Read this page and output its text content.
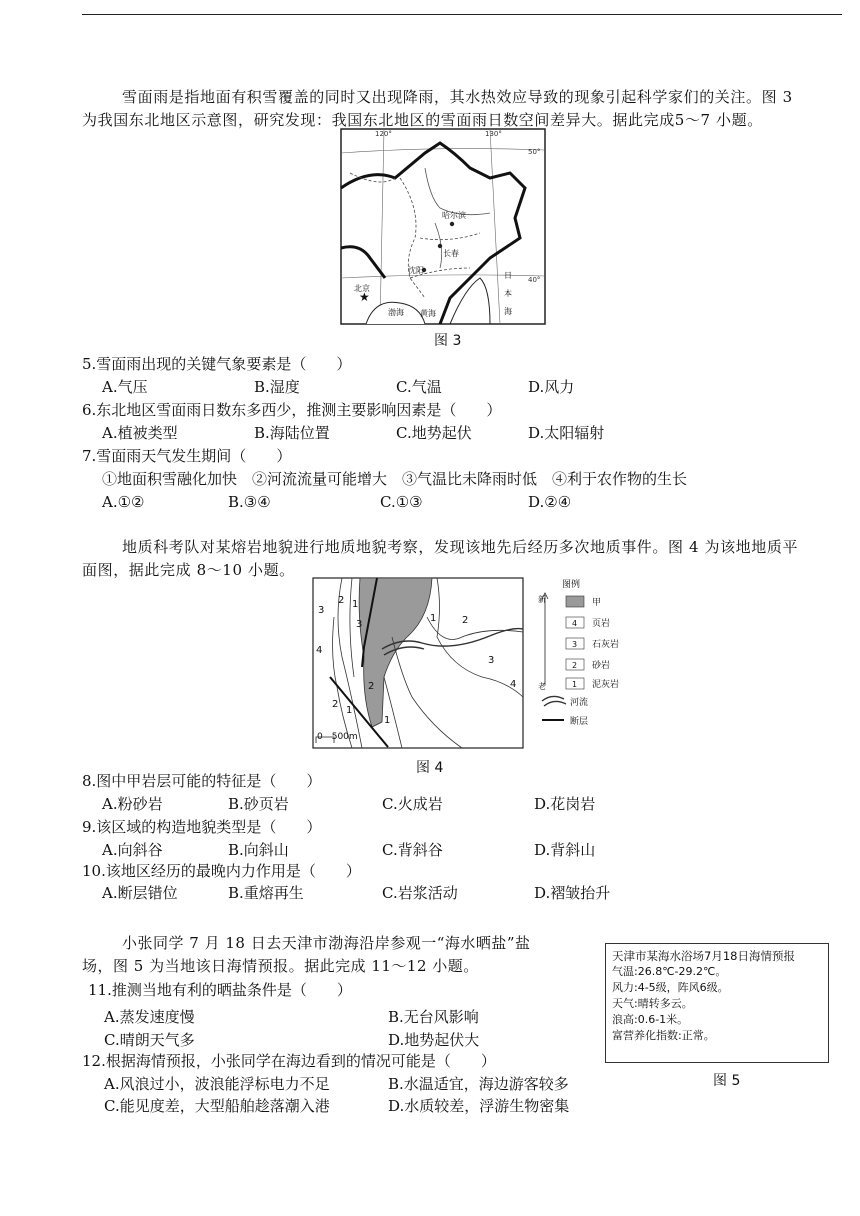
雪面雨是指地面有积雪覆盖的同时又出现降雨，其水热效应导致的现象引起科学家们的关注。图 3 为我国东北地区示意图，研究发现：我国东北地区的雪面雨日数空间差异大。据此完成5～7 小题。
★
120°	130°
50°
40°
哈尔滨
长春
沈阳
北京
渤海 黄海
日
本
海
图 3
5.雪面雨出现的关键气象要素是（　　）
A.气压	B.湿度	C.气温	D.风力
6.东北地区雪面雨日数东多西少，推测主要影响因素是（　　）
A.植被类型	B.海陆位置	C.地势起伏	D.太阳辐射
7.雪面雨天气发生期间（　　）
①地面积雪融化加快　②河流流量可能增大　③气温比未降雨时低　④利于农作物的生长
A.①②	B.③④	C.①③	D.②④
地质科考队对某熔岩地貌进行地质地貌考察，发现该地先后经历多次地质事件。图 4 为该地地质平面图，据此完成 8～10 小题。
0　500m
3
2 1
4
2
1
1	2
3
4
1
2
3
图例
新
老
甲
4 页岩
3 石灰岩
2 砂岩
1 泥灰岩
河流
断层
图 4
8.图中甲岩层可能的特征是（　　）
A.粉砂岩	B.砂页岩	C.火成岩	D.花岗岩
9.该区域的构造地貌类型是（　　）
A.向斜谷	B.向斜山	C.背斜谷	D.背斜山
10.该地区经历的最晚内力作用是（　　）
A.断层错位	B.重熔再生	C.岩浆活动	D.褶皱抬升
小张同学 7 月 18 日去天津市渤海沿岸参观一“海水晒盐”盐
场，图 5 为当地该日海情预报。据此完成 11～12 小题。
天津市某海水浴场7月18日海情预报
气温:26.8℃-29.2℃。
风力:4-5级，阵风6级。
天气:晴转多云。
浪高:0.6-1米。
富营养化指数:正常。
图 5
11.推测当地有利的晒盐条件是（　　）
A.蒸发速度慢	B.无台风影响
C.晴朗天气多	D.地势起伏大
12.根据海情预报，小张同学在海边看到的情况可能是（　　）
A.风浪过小，波浪能浮标电力不足	B.水温适宜，海边游客较多
C.能见度差，大型船舶趁落潮入港	D.水质较差，浮游生物密集
